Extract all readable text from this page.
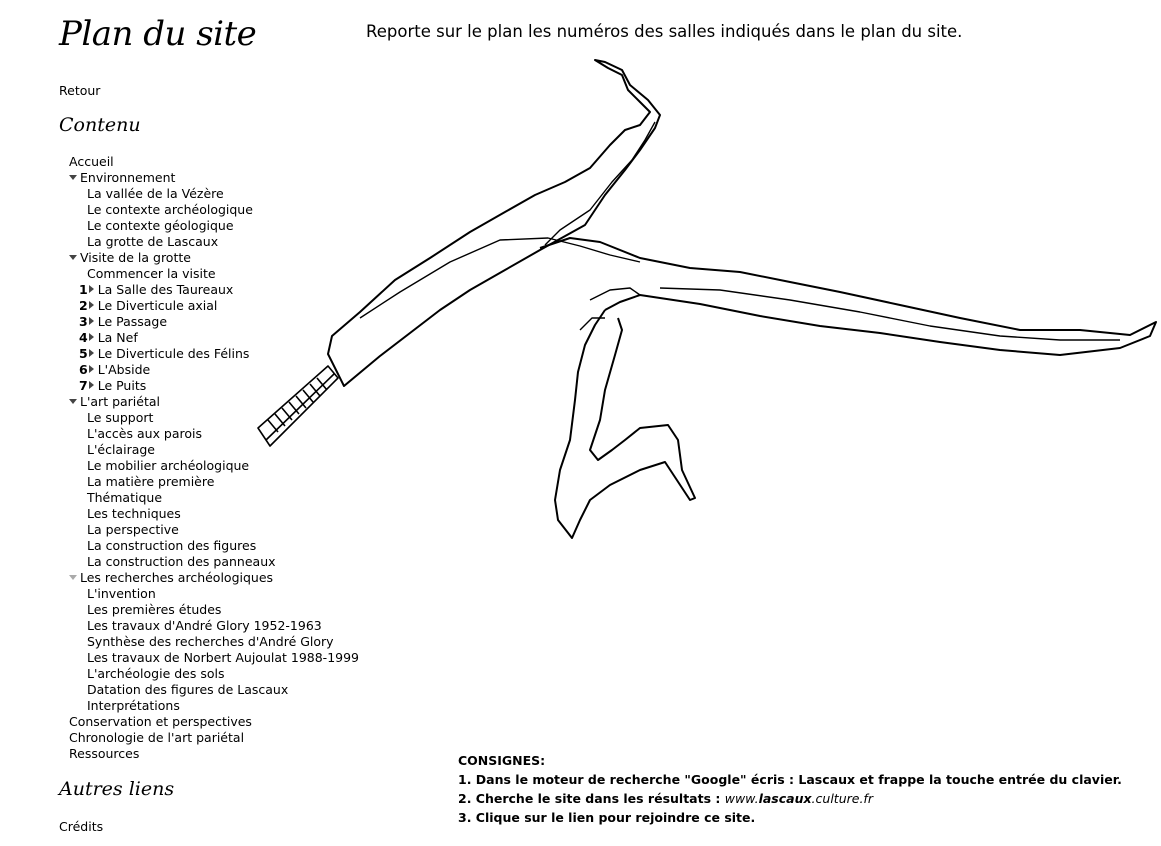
Plan du site
Retour
Contenu
Accueil
Environnement
La vallée de la Vézère
Le contexte archéologique
Le contexte géologique
La grotte de Lascaux
Visite de la grotte
Commencer la visite
1 La Salle des Taureaux
2 Le Diverticule axial
3 Le Passage
4 La Nef
5 Le Diverticule des Félins
6 L'Abside
7 Le Puits
L'art pariétal
Le support
L'accès aux parois
L'éclairage
Le mobilier archéologique
La matière première
Thématique
Les techniques
La perspective
La construction des figures
La construction des panneaux
Les recherches archéologiques
L'invention
Les premières études
Les travaux d'André Glory 1952-1963
Synthèse des recherches d'André Glory
Les travaux de Norbert Aujoulat 1988-1999
L'archéologie des sols
Datation des figures de Lascaux
Interprétations
Conservation et perspectives
Chronologie de l'art pariétal
Ressources
Autres liens
Crédits
Reporte sur le plan les numéros des salles indiqués dans le plan du site.
CONSIGNES:
1. Dans le moteur de recherche "Google" écris : Lascaux et frappe la touche entrée du clavier.
2. Cherche le site dans les résultats : www.lascaux.culture.fr
3. Clique sur le lien pour rejoindre ce site.
